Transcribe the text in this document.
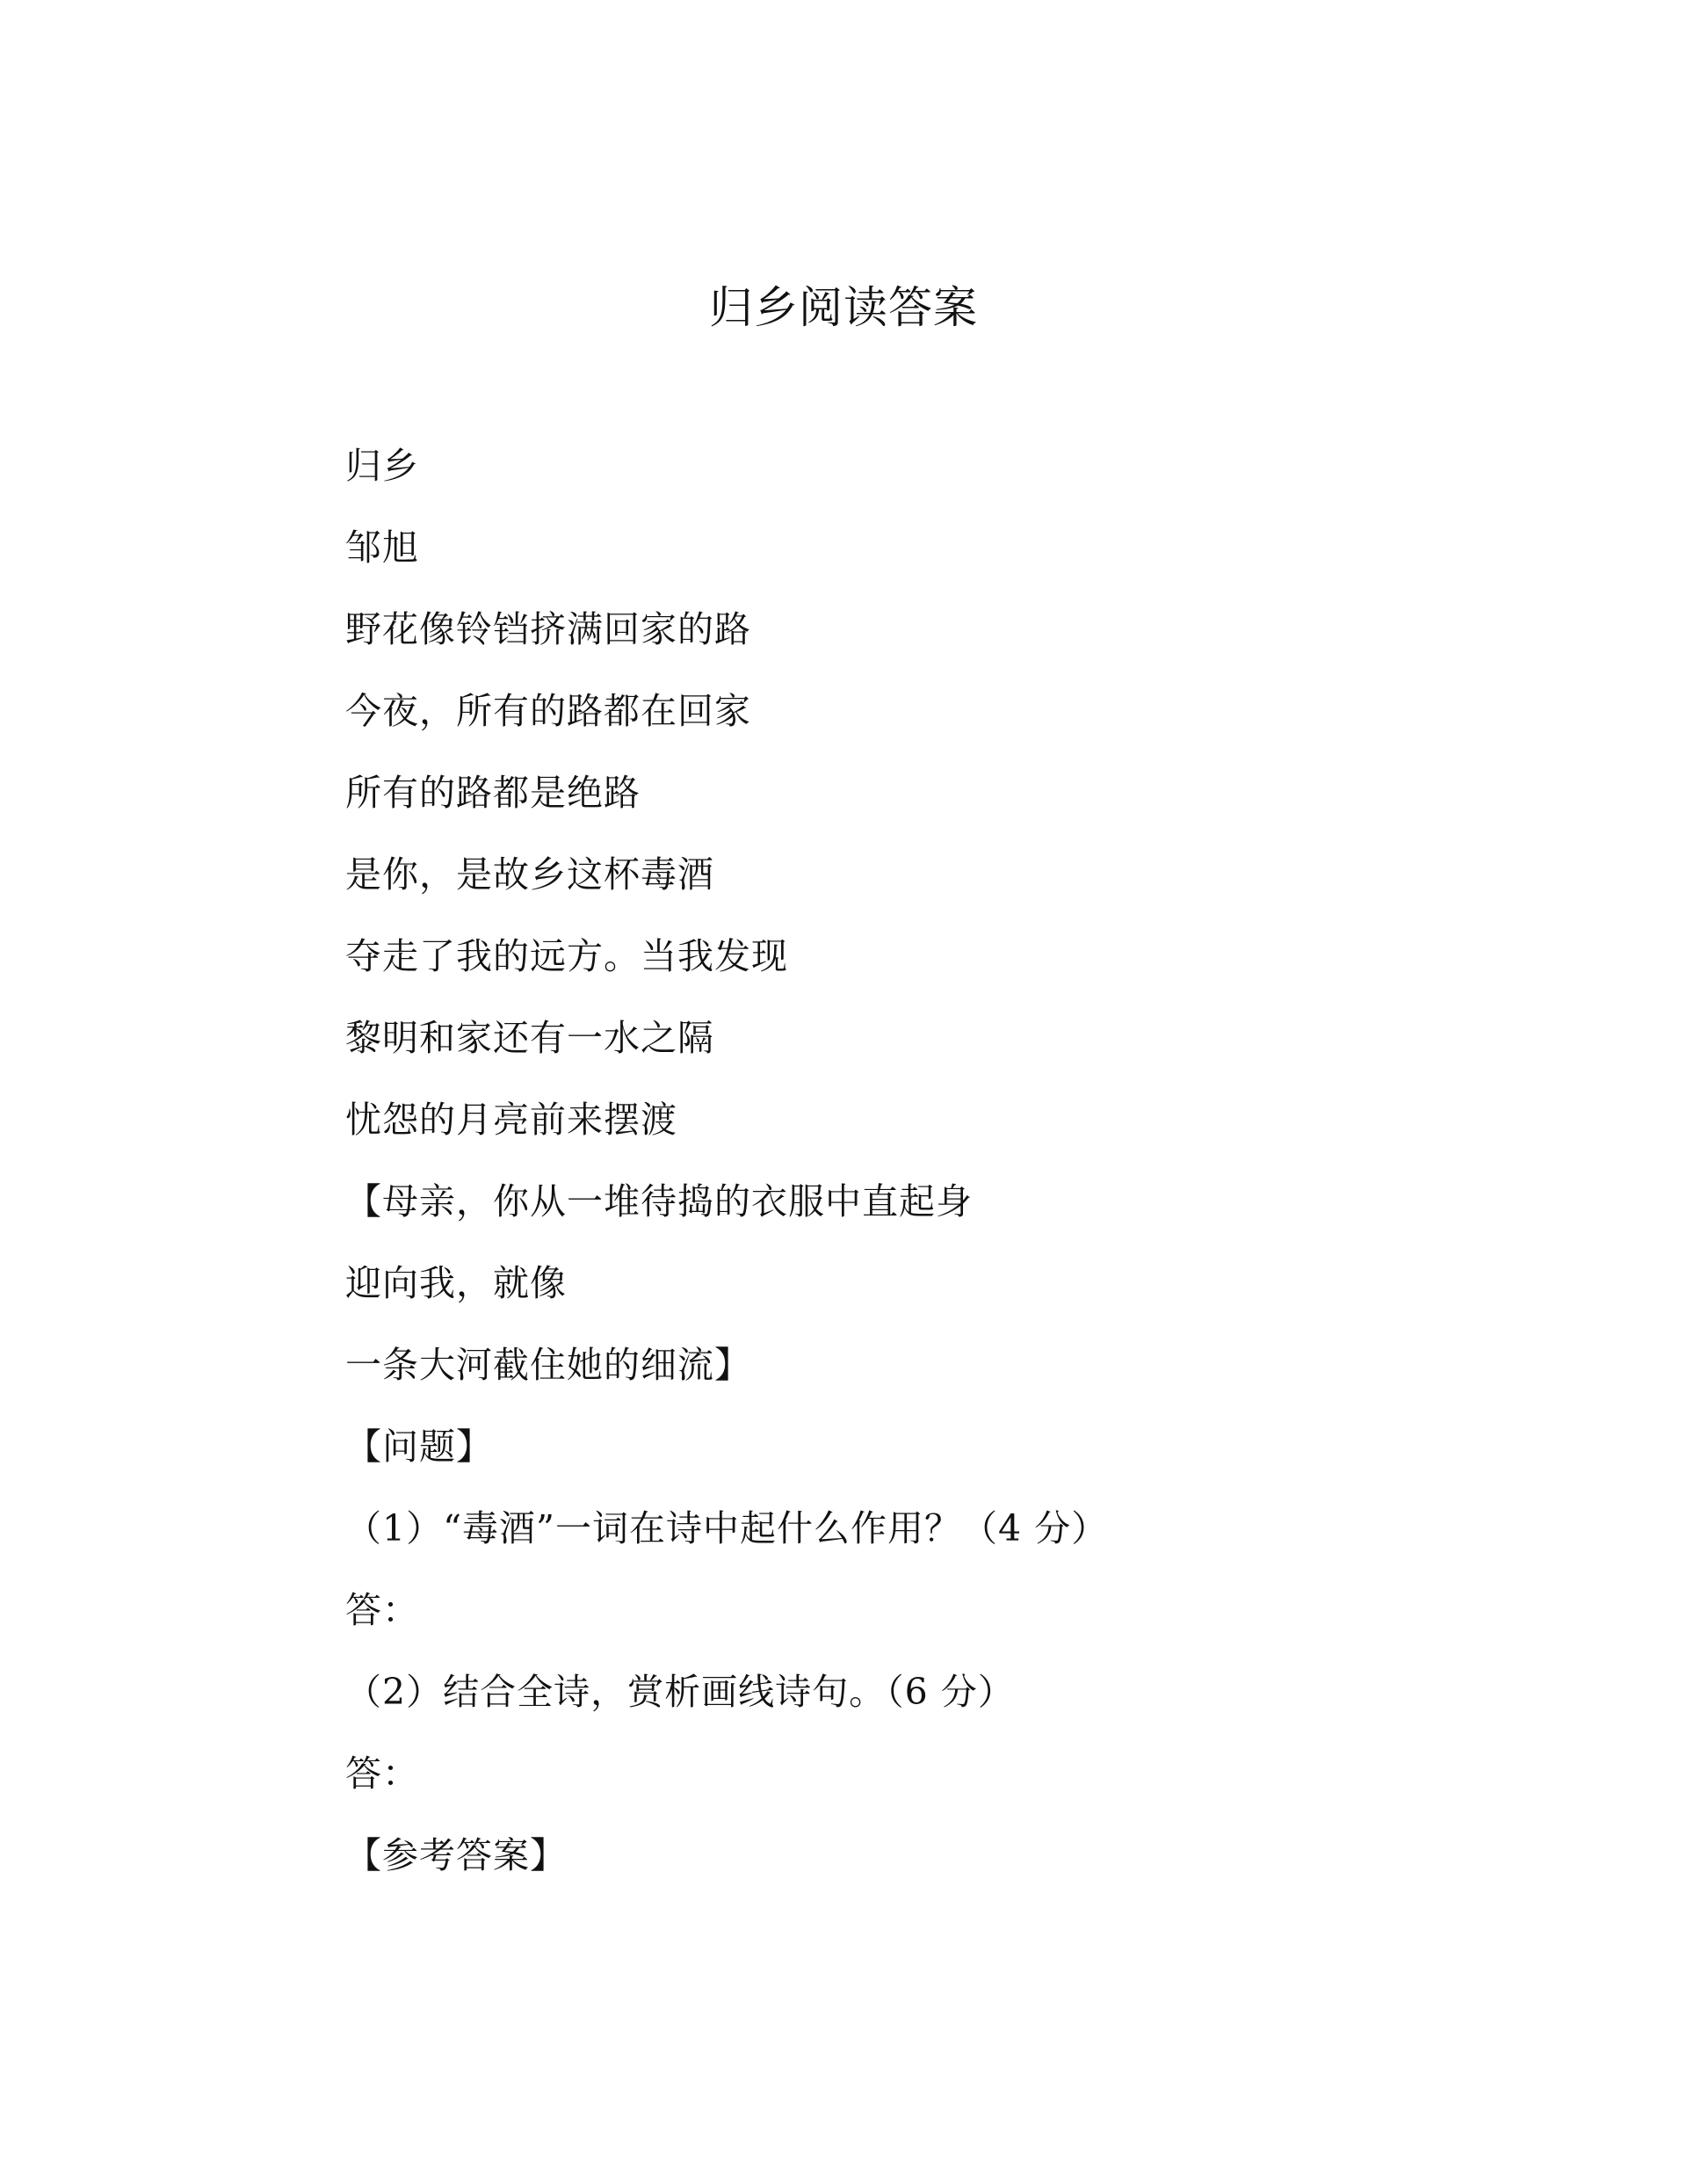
归乡阅读答案
归乡
邹旭
野花像铃铛挤满回家的路
今夜，所有的路都在回家
所有的路都是绝路
是你，是故乡这杯毒酒
夺走了我的远方。当我发现
黎明和家还有一水之隔
忧怨的月亮前来摆渡
【母亲，你从一堆待捣的衣服中直起身
迎向我，就像
一条大河截住她的细流】
【问题】
（1）“毒酒”一词在诗中起什么作用？（4 分）
答：
（2）结合全诗，赏析画线诗句。（6 分）
答：
【参考答案】
